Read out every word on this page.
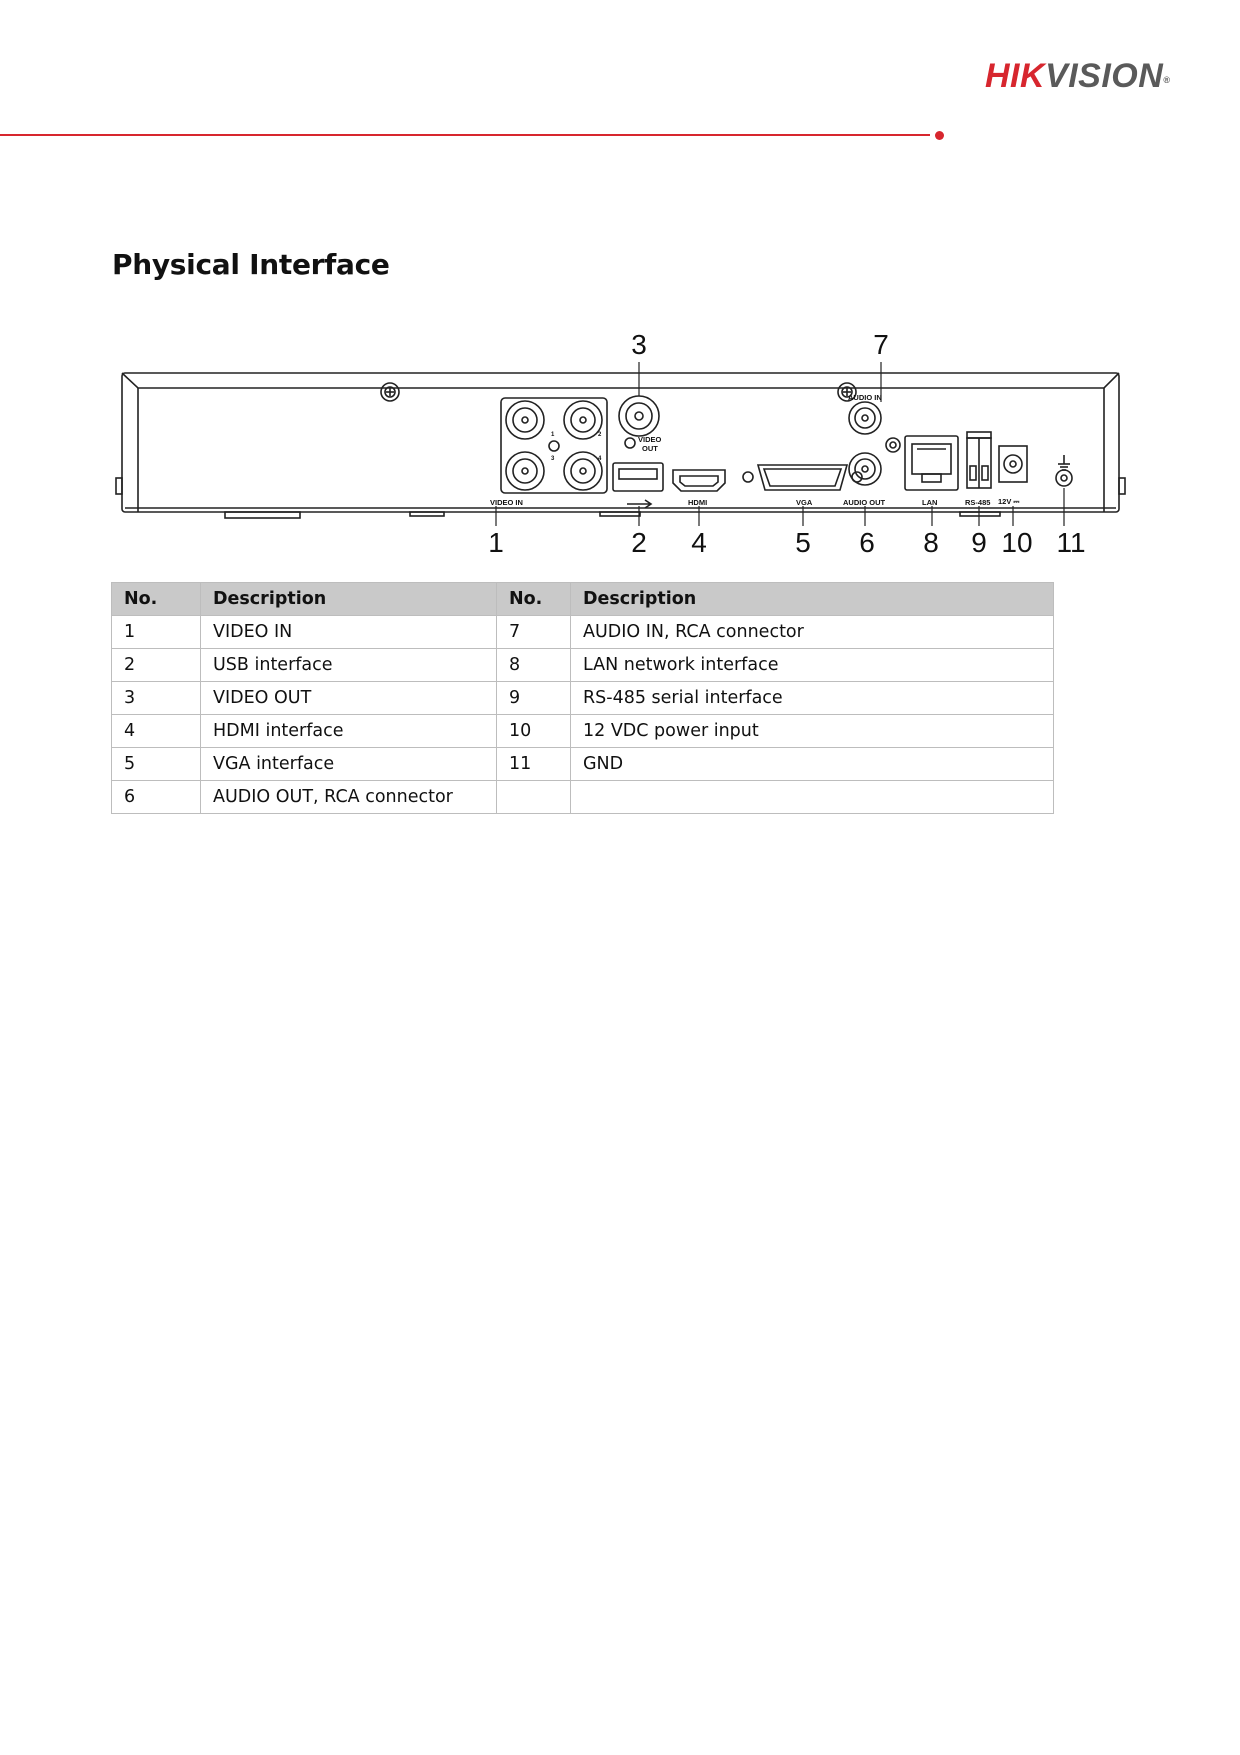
HIKVISION®
Physical Interface
VIDEO IN
VIDEO
OUT
HDMI	VGA
AUDIO IN
AUDIO OUT	LAN	RS-485 12V ⎓
1	2
3	4
3	7
1	2 4	5 6 8 9 10 11
No.	Description	No.	Description
1	VIDEO IN	7	AUDIO IN, RCA connector
2	USB interface	8	LAN network interface
3	VIDEO OUT	9	RS-485 serial interface
4	HDMI interface	10	12 VDC power input
5	VGA interface	11	GND
6	AUDIO OUT, RCA connector		
